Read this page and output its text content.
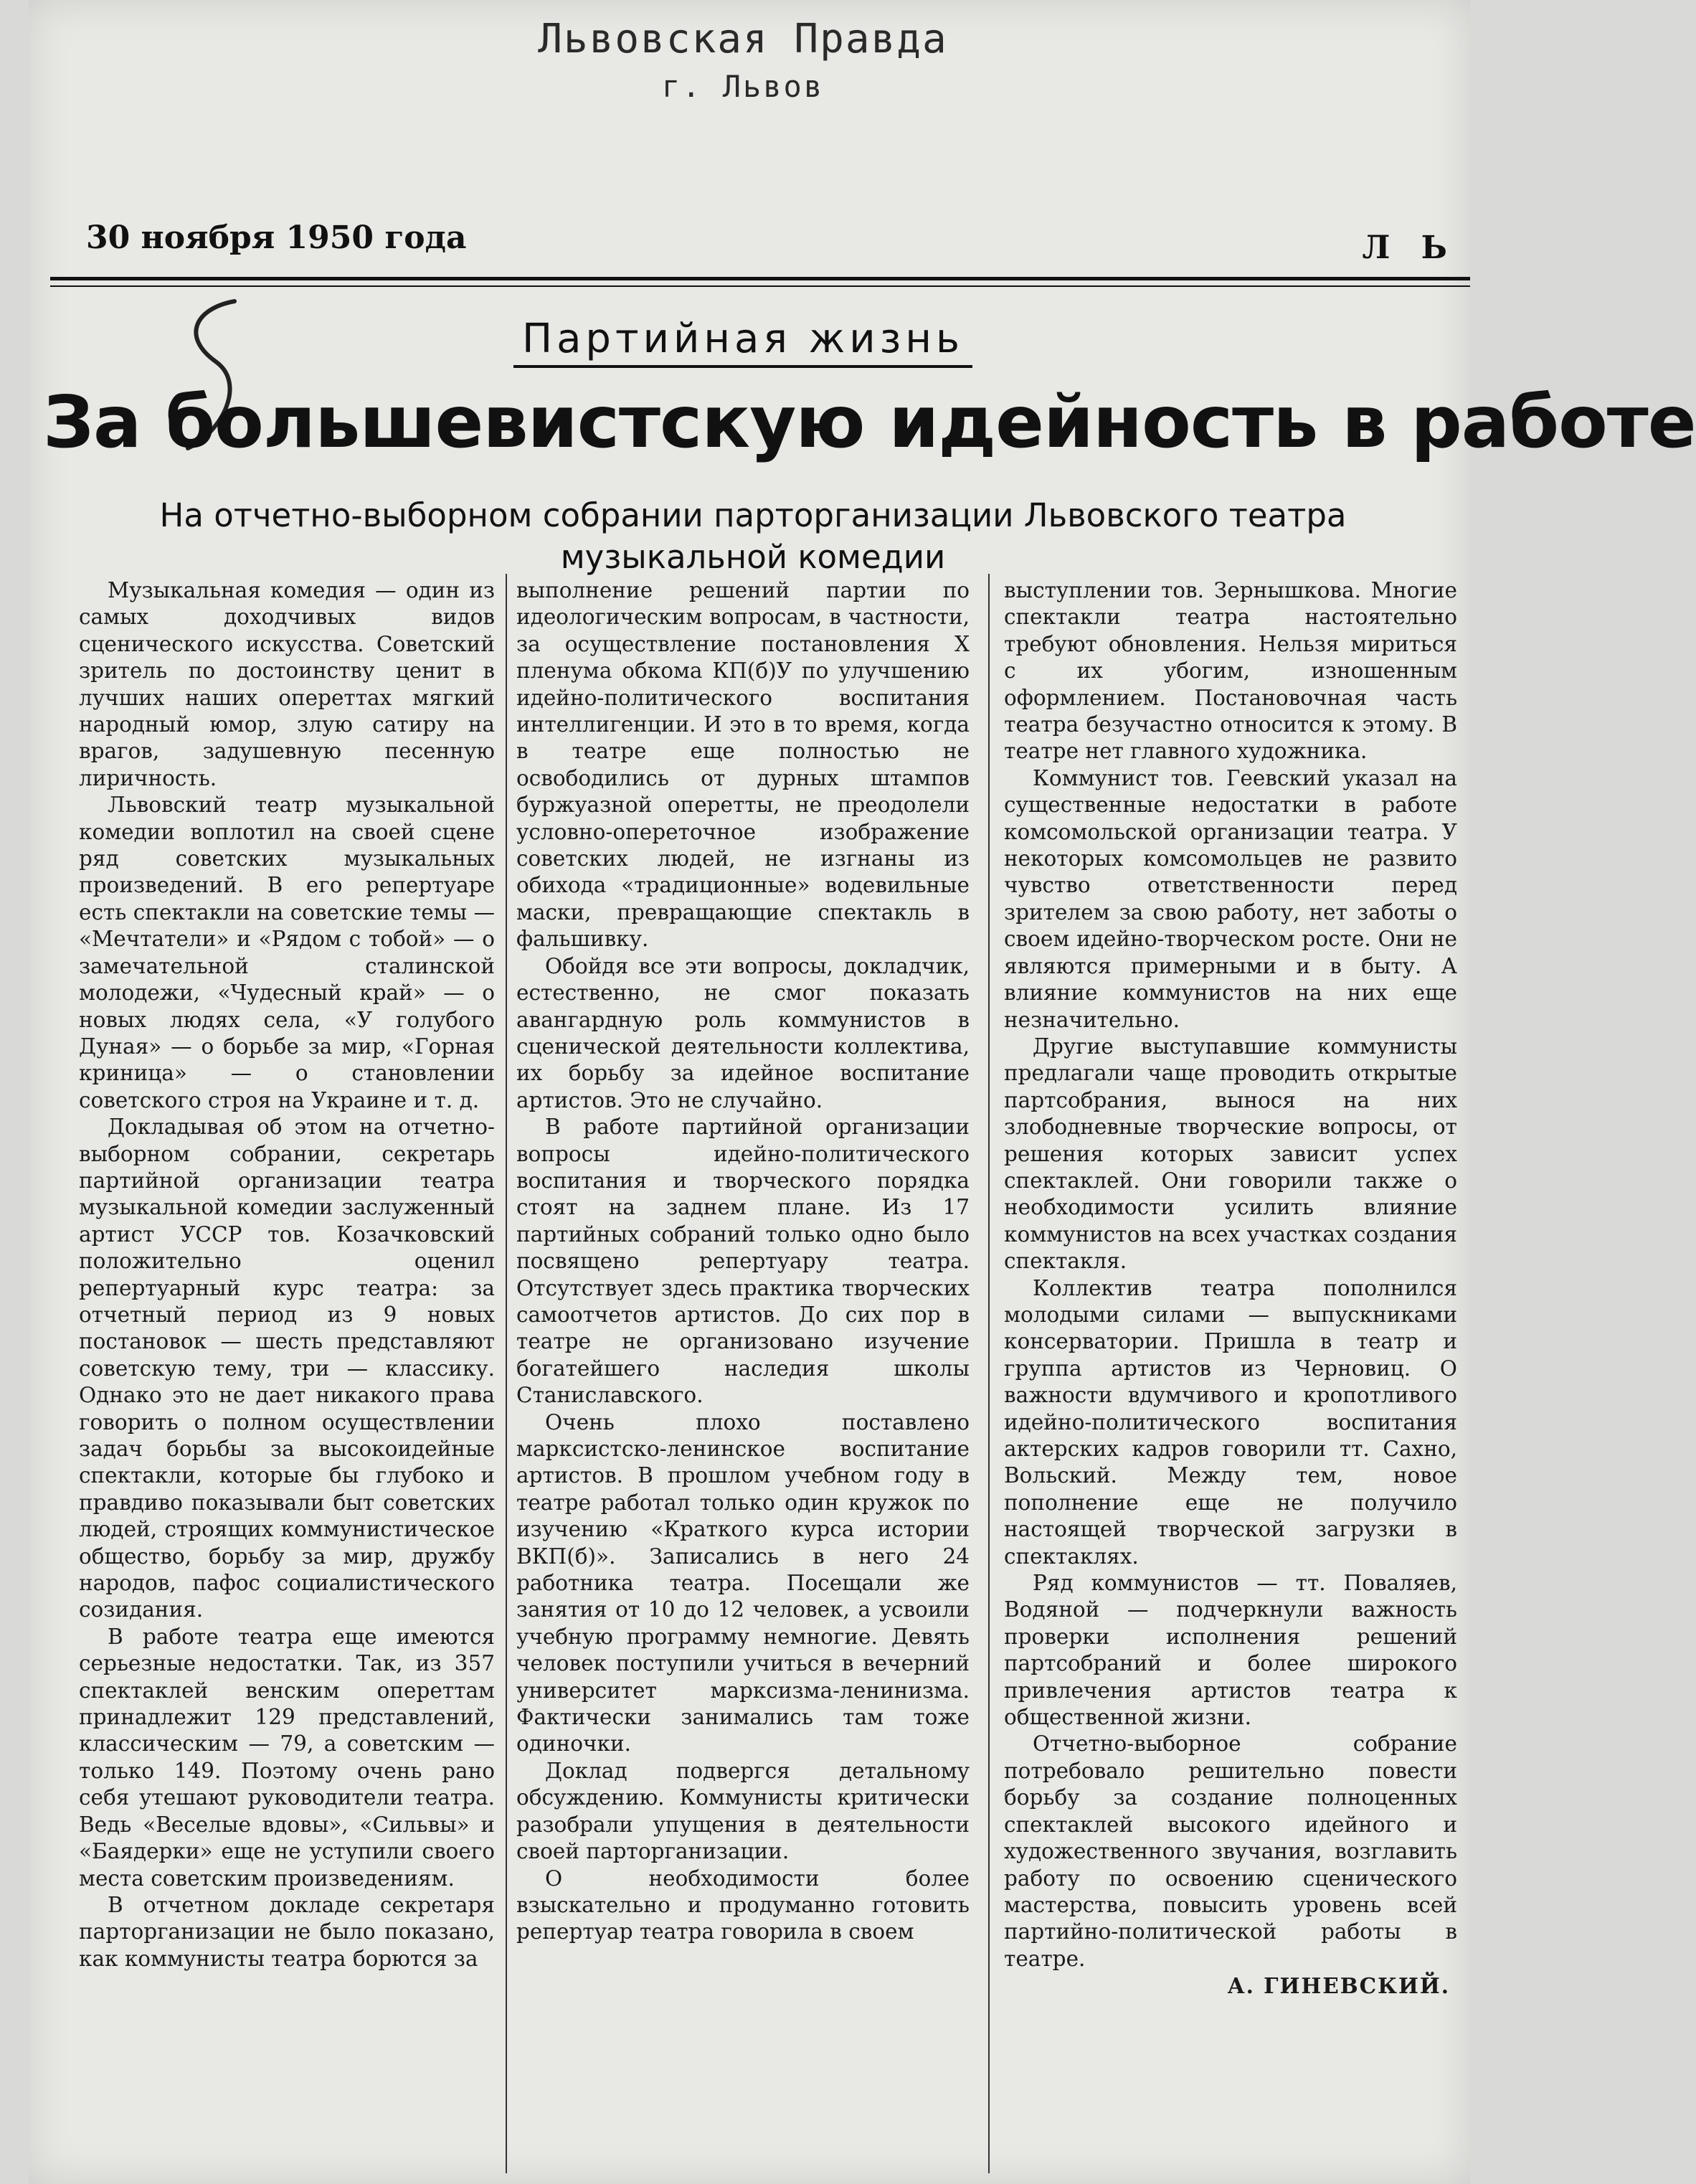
Львовская Правда
г. Львов
30 ноября 1950 года	Л Ь
Партийная жизнь
За большевистскую идейность в работе
На отчетно-выборном собрании парторганизации Львовского театра музыкальной комедии

Музыкальная комедия — один из самых доходчивых видов сценического искусства. Советский зритель по достоинству ценит в лучших наших опереттах мягкий народный юмор, злую сатиру на врагов, задушевную песенную лиричность.

Львовский театр музыкальной комедии воплотил на своей сцене ряд советских музыкальных произведений. В его репертуаре есть спектакли на советские темы — «Мечтатели» и «Рядом с тобой» — о замечательной сталинской молодежи, «Чудесный край» — о новых людях села, «У голубого Дуная» — о борьбе за мир, «Горная криница» — о становлении советского строя на Украине и т. д.

Докладывая об этом на отчетно-выборном собрании, секретарь партийной организации театра музыкальной комедии заслуженный артист УССР тов. Козачковский положительно оценил репертуарный курс театра: за отчетный период из 9 новых постановок — шесть представляют советскую тему, три — классику. Однако это не дает никакого права говорить о полном осуществлении задач борьбы за высокоидейные спектакли, которые бы глубоко и правдиво показывали быт советских людей, строящих коммунистическое общество, борьбу за мир, дружбу народов, пафос социалистического созидания.

В работе театра еще имеются серьезные недостатки. Так, из 357 спектаклей венским опереттам принадлежит 129 представлений, классическим — 79, а советским — только 149. Поэтому очень рано себя утешают руководители театра. Ведь «Веселые вдовы», «Сильвы» и «Баядерки» еще не уступили своего места советским произведениям.

В отчетном докладе секретаря парторганизации не было показано, как коммунисты театра борются за

выполнение решений партии по идеологическим вопросам, в частности, за осуществление постановления X пленума обкома КП(б)У по улучшению идейно-политического воспитания интеллигенции. И это в то время, когда в театре еще полностью не освободились от дурных штампов буржуазной оперетты, не преодолели условно-опереточное изображение советских людей, не изгнаны из обихода «традиционные» водевильные маски, превращающие спектакль в фальшивку.

Обойдя все эти вопросы, докладчик, естественно, не смог показать авангардную роль коммунистов в сценической деятельности коллектива, их борьбу за идейное воспитание артистов. Это не случайно.

В работе партийной организации вопросы идейно-политического воспитания и творческого порядка стоят на заднем плане. Из 17 партийных собраний только одно было посвящено репертуару театра. Отсутствует здесь практика творческих самоотчетов артистов. До сих пор в театре не организовано изучение богатейшего наследия школы Станиславского.

Очень плохо поставлено марксистско-ленинское воспитание артистов. В прошлом учебном году в театре работал только один кружок по изучению «Краткого курса истории ВКП(б)». Записались в него 24 работника театра. Посещали же занятия от 10 до 12 человек, а усвоили учебную программу немногие. Девять человек поступили учиться в вечерний университет марксизма-ленинизма. Фактически занимались там тоже одиночки.

Доклад подвергся детальному обсуждению. Коммунисты критически разобрали упущения в деятельности своей парторганизации.

О необходимости более взыскательно и продуманно готовить репертуар театра говорила в своем

выступлении тов. Зернышкова. Многие спектакли театра настоятельно требуют обновления. Нельзя мириться с их убогим, изношенным оформлением. Постановочная часть театра безучастно относится к этому. В театре нет главного художника.

Коммунист тов. Геевский указал на существенные недостатки в работе комсомольской организации театра. У некоторых комсомольцев не развито чувство ответственности перед зрителем за свою работу, нет заботы о своем идейно-творческом росте. Они не являются примерными и в быту. А влияние коммунистов на них еще незначительно.

Другие выступавшие коммунисты предлагали чаще проводить открытые партсобрания, вынося на них злободневные творческие вопросы, от решения которых зависит успех спектаклей. Они говорили также о необходимости усилить влияние коммунистов на всех участках создания спектакля.

Коллектив театра пополнился молодыми силами — выпускниками консерватории. Пришла в театр и группа артистов из Черновиц. О важности вдумчивого и кропотливого идейно-политического воспитания актерских кадров говорили тт. Сахно, Вольский. Между тем, новое пополнение еще не получило настоящей творческой загрузки в спектаклях.

Ряд коммунистов — тт. Поваляев, Водяной — подчеркнули важность проверки исполнения решений партсобраний и более широкого привлечения артистов театра к общественной жизни.

Отчетно-выборное собрание потребовало решительно повести борьбу за создание полноценных спектаклей высокого идейного и художественного звучания, возглавить работу по освоению сценического мастерства, повысить уровень всей партийно-политической работы в театре.

А. ГИНЕВСКИЙ.
